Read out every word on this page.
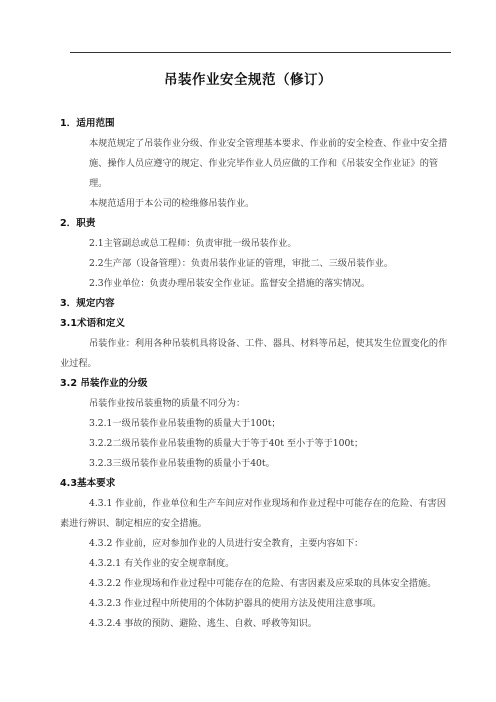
吊装作业安全规范（修订）

1．适用范围

本规范规定了吊装作业分级、作业安全管理基本要求、作业前的安全检查、作业中安全措施、操作人员应遵守的规定、作业完毕作业人员应做的工作和《吊装安全作业证》的管理。

本规范适用于本公司的检维修吊装作业。

2．职责

2.1主管副总或总工程师：负责审批一级吊装作业。

2.2生产部（设备管理）：负责吊装作业证的管理，审批二、三级吊装作业。

2.3作业单位：负责办理吊装安全作业证。监督安全措施的落实情况。

3．规定内容

3.1术语和定义

吊装作业：利用各种吊装机具将设备、工件、器具、材料等吊起，使其发生位置变化的作业过程。

3.2 吊装作业的分级

吊装作业按吊装重物的质量不同分为：

3.2.1一级吊装作业吊装重物的质量大于100t；

3.2.2二级吊装作业吊装重物的质量大于等于40t 至小于等于100t；

3.2.3三级吊装作业吊装重物的质量小于40t。

4.3基本要求

4.3.1 作业前，作业单位和生产车间应对作业现场和作业过程中可能存在的危险、有害因素进行辨识、制定相应的安全措施。

4.3.2 作业前，应对参加作业的人员进行安全教育，主要内容如下：

4.3.2.1 有关作业的安全规章制度。

4.3.2.2 作业现场和作业过程中可能存在的危险、有害因素及应采取的具体安全措施。

4.3.2.3 作业过程中所使用的个体防护器具的使用方法及使用注意事项。

4.3.2.4 事故的预防、避险、逃生、自救、呼救等知识。
